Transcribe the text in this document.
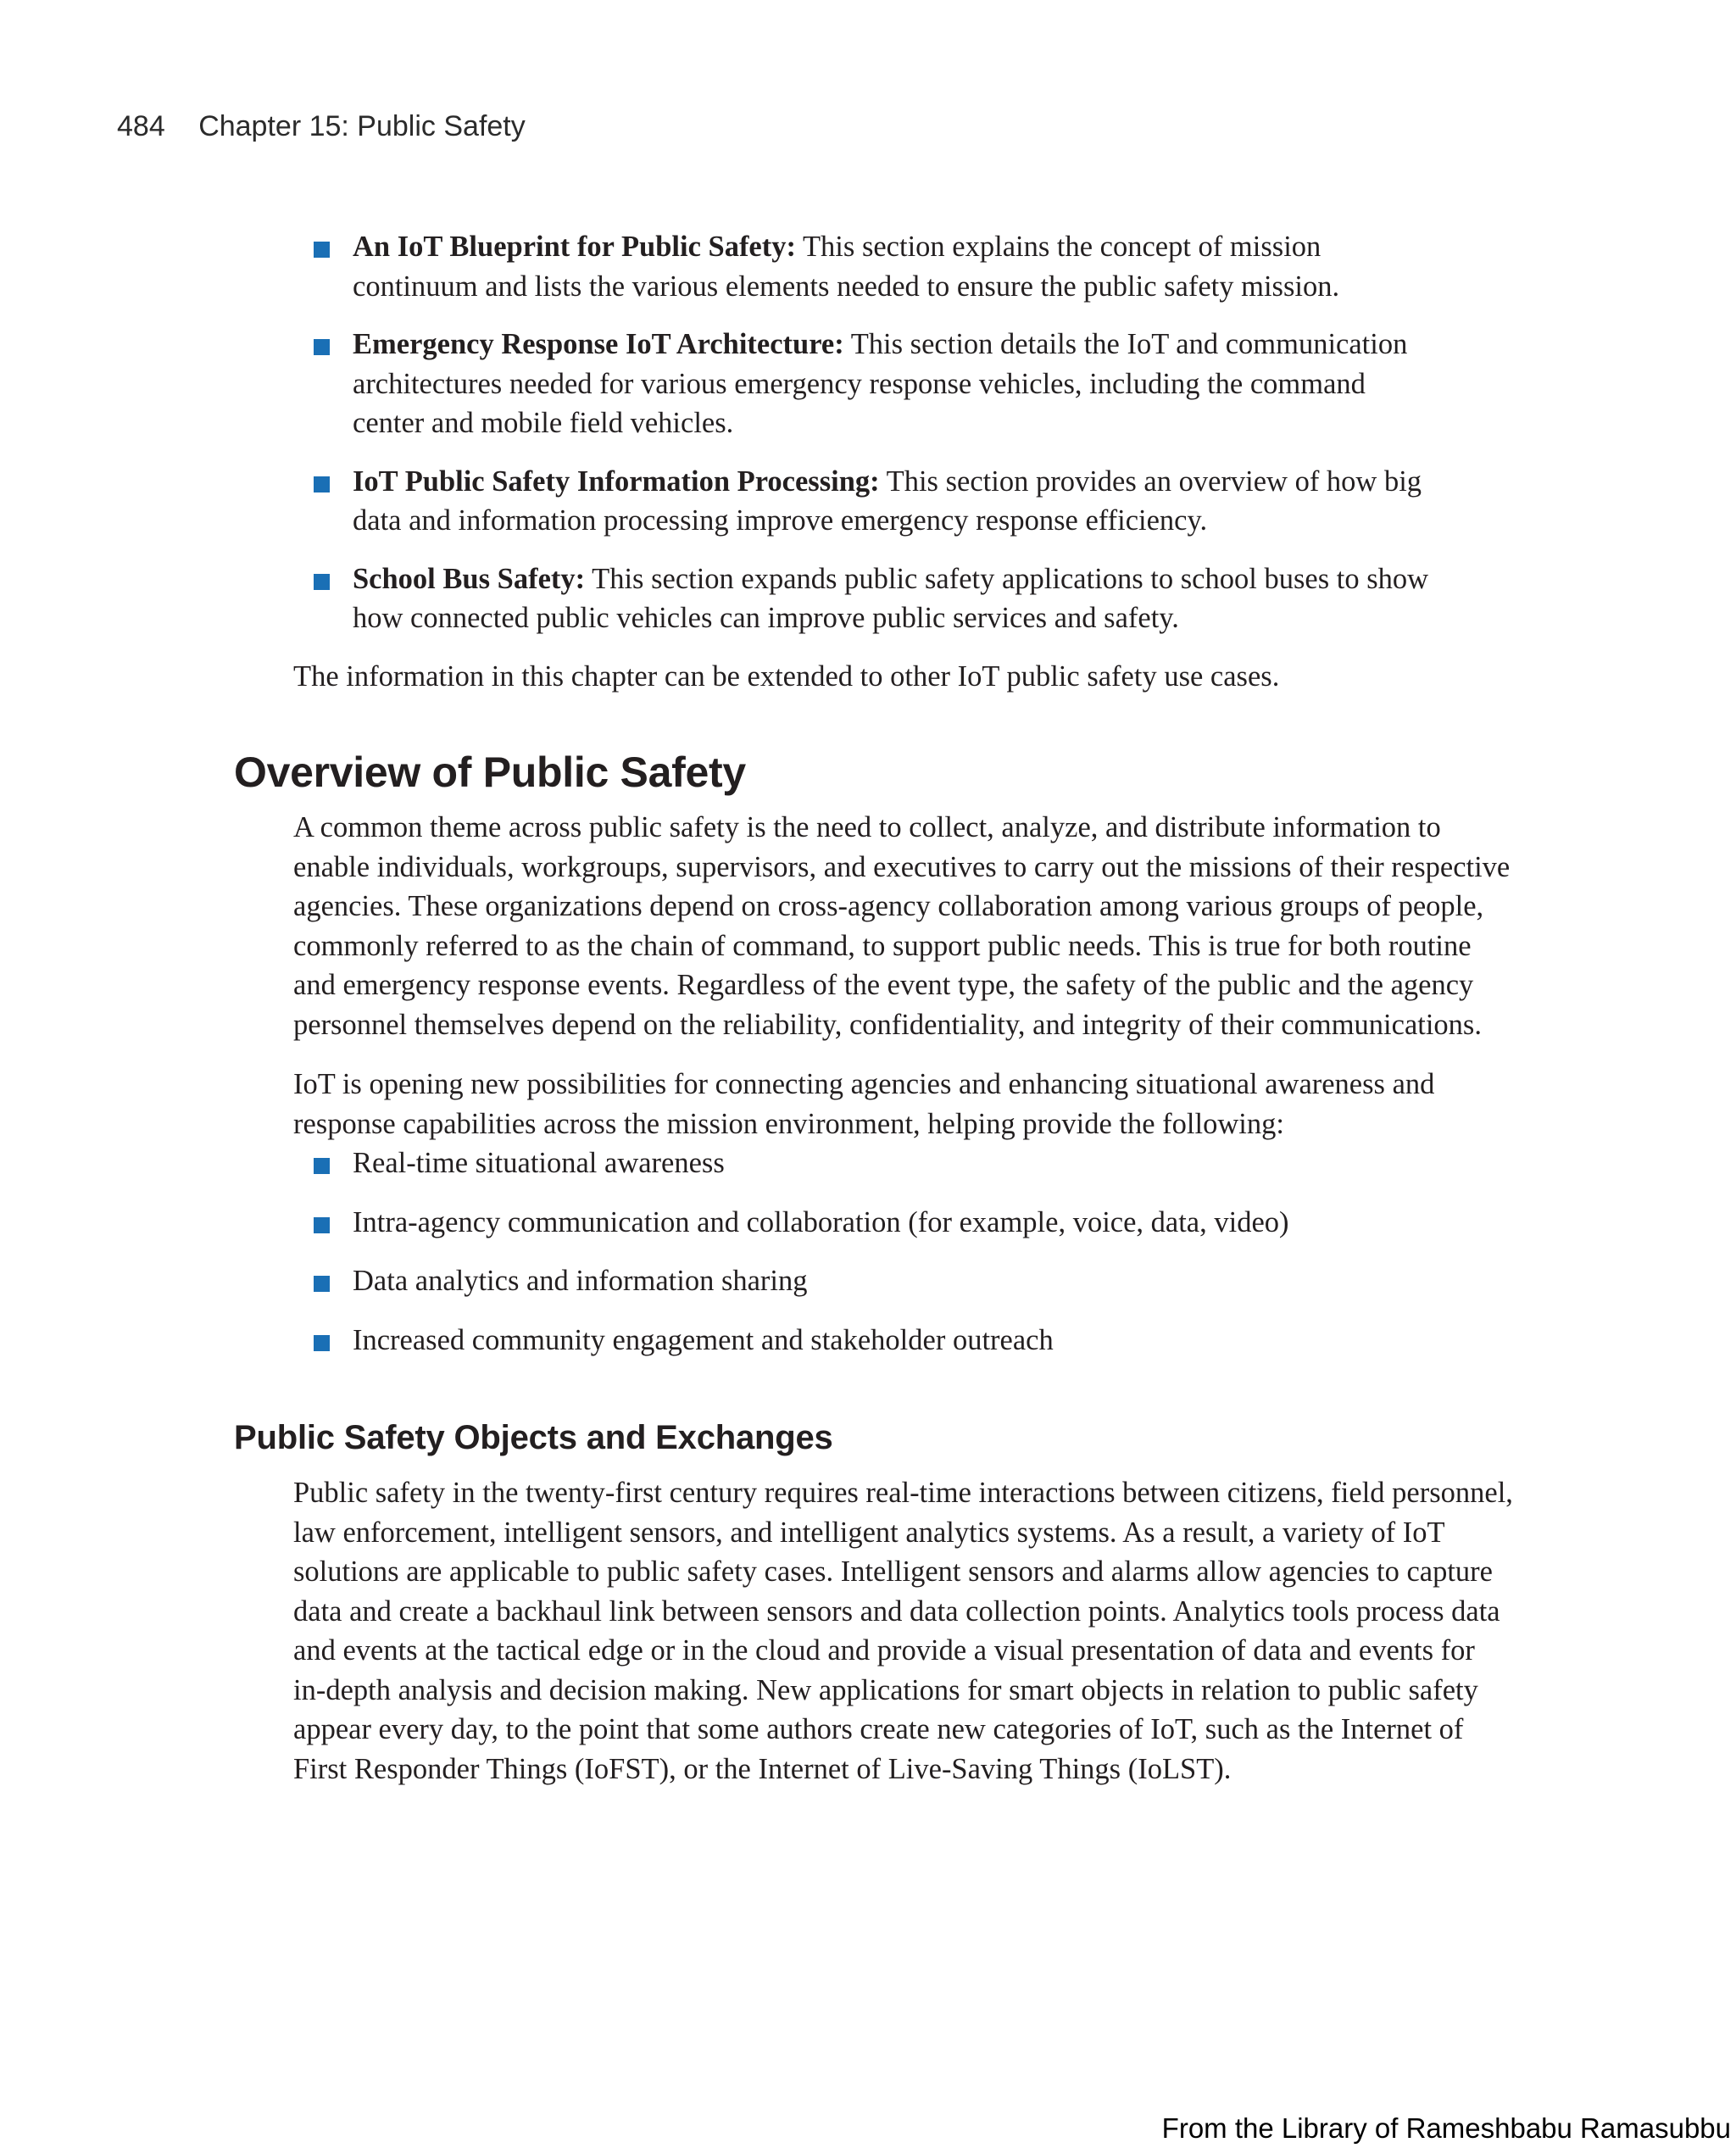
484 Chapter 15: Public Safety
An IoT Blueprint for Public Safety: This section explains the concept of mission continuum and lists the various elements needed to ensure the public safety mission.
Emergency Response IoT Architecture: This section details the IoT and communication architectures needed for various emergency response vehicles, including the command center and mobile field vehicles.
IoT Public Safety Information Processing: This section provides an overview of how big data and information processing improve emergency response efficiency.
School Bus Safety: This section expands public safety applications to school buses to show how connected public vehicles can improve public services and safety.

The information in this chapter can be extended to other IoT public safety use cases.

Overview of Public Safety

A common theme across public safety is the need to collect, analyze, and distribute information to enable individuals, workgroups, supervisors, and executives to carry out the missions of their respective agencies. These organizations depend on cross-agency collaboration among various groups of people, commonly referred to as the chain of command, to support public needs. This is true for both routine and emergency response events. Regardless of the event type, the safety of the public and the agency personnel themselves depend on the reliability, confidentiality, and integrity of their communications.

IoT is opening new possibilities for connecting agencies and enhancing situational awareness and response capabilities across the mission environment, helping provide the following:

Real-time situational awareness
Intra-agency communication and collaboration (for example, voice, data, video)
Data analytics and information sharing
Increased community engagement and stakeholder outreach
Public Safety Objects and Exchanges

Public safety in the twenty-first century requires real-time interactions between citizens, field personnel, law enforcement, intelligent sensors, and intelligent analytics systems. As a result, a variety of IoT solutions are applicable to public safety cases. Intelligent sensors and alarms allow agencies to capture data and create a backhaul link between sensors and data collection points. Analytics tools process data and events at the tactical edge or in the cloud and provide a visual presentation of data and events for in-depth analysis and decision making. New applications for smart objects in relation to public safety appear every day, to the point that some authors create new categories of IoT, such as the Internet of First Responder Things (IoFST), or the Internet of Live-Saving Things (IoLST).

From the Library of Rameshbabu Ramasubbu
